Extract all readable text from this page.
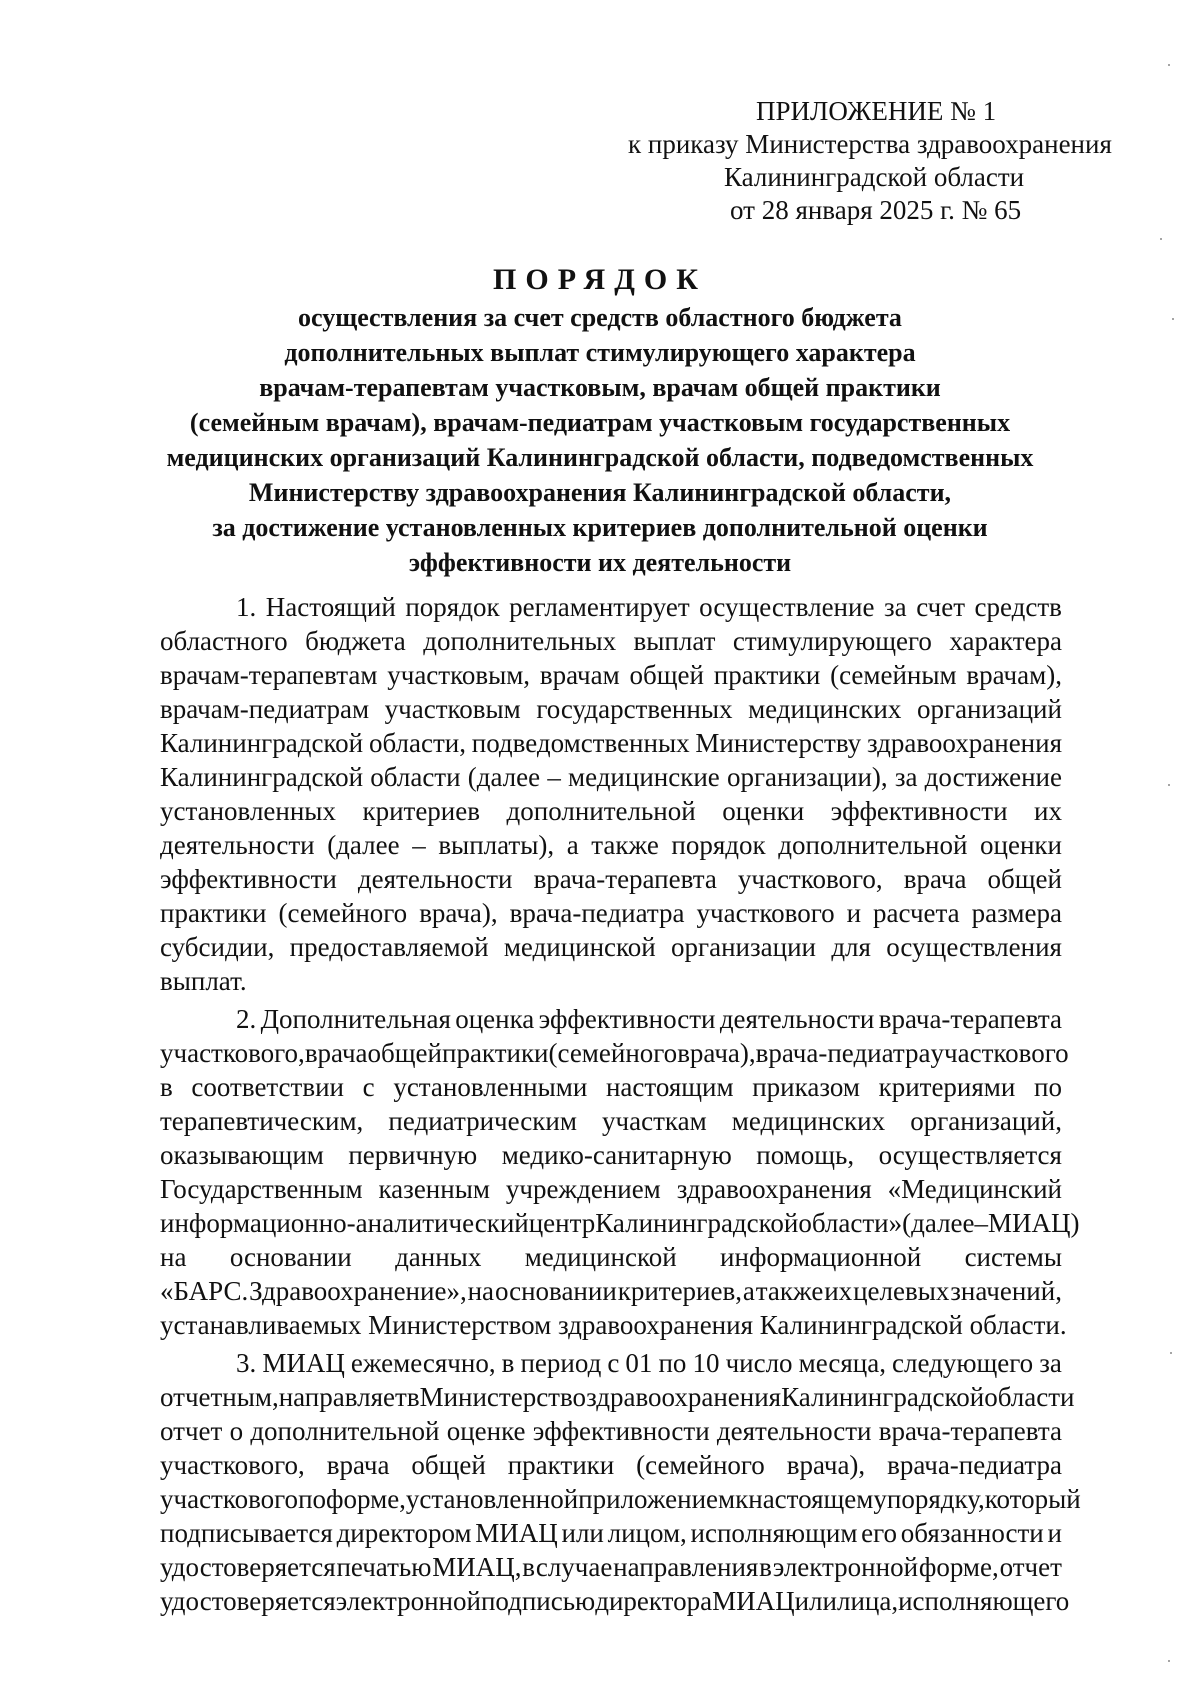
ПРИЛОЖЕНИЕ № 1
к приказу Министерства здравоохранения
Калининградской области
от 28 января 2025 г. № 65
ПОРЯДОК
осуществления за счет средств областного бюджета
дополнительных выплат стимулирующего характера
врачам-терапевтам участковым, врачам общей практики
(семейным врачам), врачам-педиатрам участковым государственных
медицинских организаций Калининградской области, подведомственных
Министерству здравоохранения Калининградской области,
за достижение установленных критериев дополнительной оценки
эффективности их деятельности
1. Настоящий порядок регламентирует осуществление за счет средств
областного бюджета дополнительных выплат стимулирующего характера
врачам-терапевтам участковым, врачам общей практики (семейным врачам),
врачам-педиатрам участковым государственных медицинских организаций
Калининградской области, подведомственных Министерству здравоохранения
Калининградской области (далее – медицинские организации), за достижение
установленных критериев дополнительной оценки эффективности их
деятельности (далее – выплаты), а также порядок дополнительной оценки
эффективности деятельности врача-терапевта участкового, врача общей
практики (семейного врача), врача-педиатра участкового и расчета размера
субсидии, предоставляемой медицинской организации для осуществления
выплат.
2. Дополнительная оценка эффективности деятельности врача-терапевта
участкового, врача общей практики (семейного врача), врача-педиатра участкового
в соответствии с установленными настоящим приказом критериями по
терапевтическим, педиатрическим участкам медицинских организаций,
оказывающим первичную медико-санитарную помощь, осуществляется
Государственным казенным учреждением здравоохранения «Медицинский
информационно-аналитический центр Калининградской области» (далее – МИАЦ)
на основании данных медицинской информационной системы
«БАРС. Здравоохранение», на основании критериев, а также их целевых значений,
устанавливаемых Министерством здравоохранения Калининградской области.
3. МИАЦ ежемесячно, в период с 01 по 10 число месяца, следующего за
отчетным, направляет в Министерство здравоохранения Калининградской области
отчет о дополнительной оценке эффективности деятельности врача-терапевта
участкового, врача общей практики (семейного врача), врача-педиатра
участкового по форме, установленной приложением к настоящему порядку, который
подписывается директором МИАЦ или лицом, исполняющим его обязанности и
удостоверяется печатью МИАЦ, в случае направления в электронной форме, отчет
удостоверяется электронной подписью директора МИАЦ или лица, исполняющего
